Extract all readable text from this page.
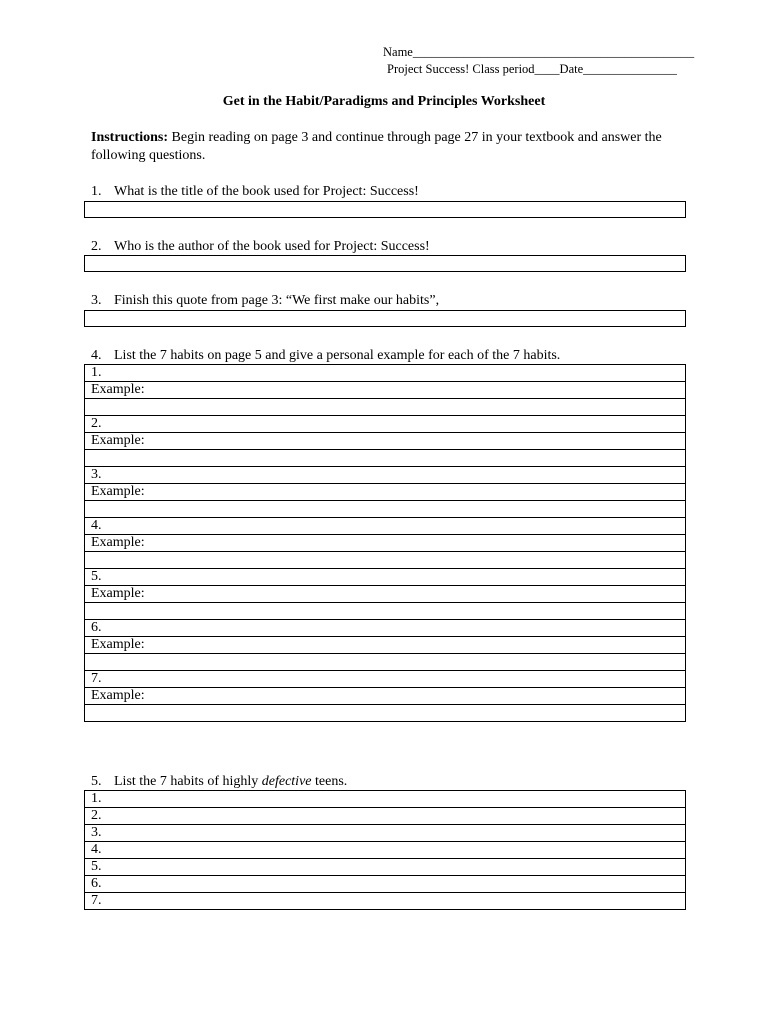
Name_____________________________________________
Project Success! Class period____Date_______________
Get in the Habit/Paradigms and Principles Worksheet
Instructions: Begin reading on page 3 and continue through page 27 in your textbook and answer the following questions.
1. What is the title of the book used for Project: Success!
2. Who is the author of the book used for Project: Success!
3. Finish this quote from page 3: “We first make our habits”,
4. List the 7 habits on page 5 and give a personal example for each of the 7 habits.
1.
Example:

2.
Example:

3.
Example:

4.
Example:

5.
Example:

6.
Example:

7.
Example:

5. List the 7 habits of highly defective teens.
1.
2.
3.
4.
5.
6.
7.
